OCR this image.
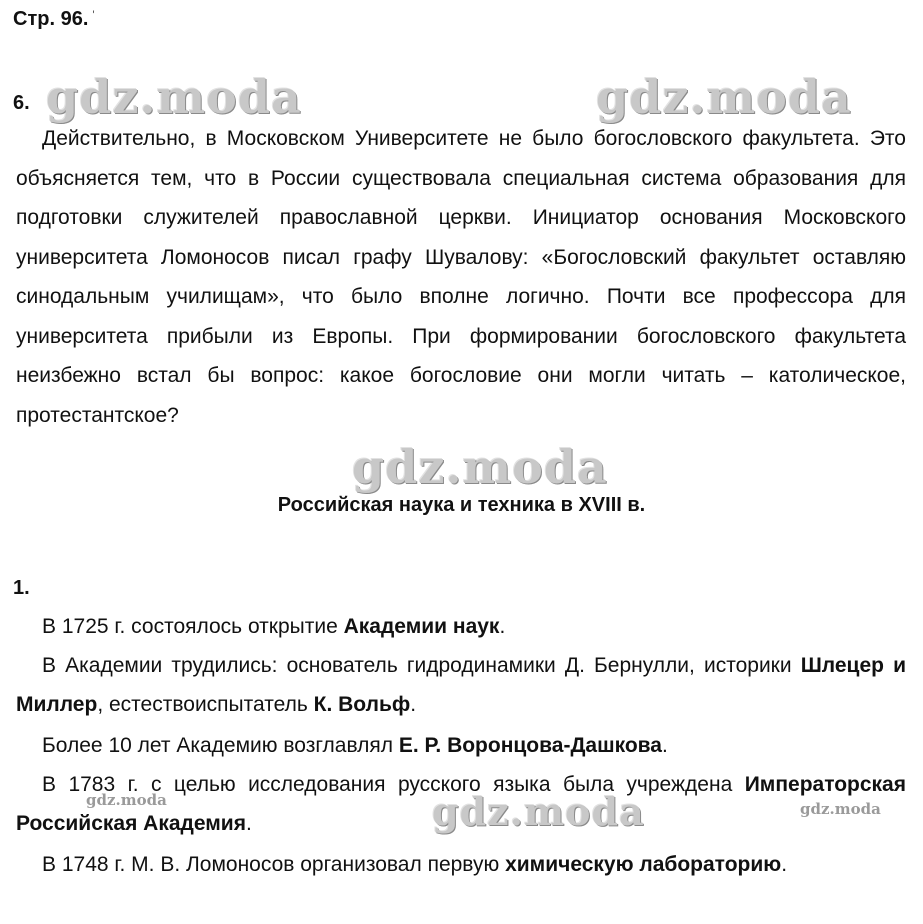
Стр. 96. '
6. gdz.moda	gdz.moda

Действительно, в Московском Университете не было богословского факультета. Это объясняется тем, что в России существовала специальная система образования для подготовки служителей православной церкви. Инициатор основания Московского университета Ломоносов писал графу Шувалову: «Богословский факультет оставляю синодальным училищам», что было вполне логично. Почти все профессора для университета прибыли из Европы. При формировании богословского факультета неизбежно встал бы вопрос: какое богословие они могли читать – католическое, протестантское?

gdz.moda
Российская наука и техника в XVIII в.
1.

В 1725 г. состоялось открытие Академии наук.

В Академии трудились: основатель гидродинамики Д. Бернулли, историки Шлецер и Миллер, естествоиспытатель К. Вольф.

Более 10 лет Академию возглавлял Е. Р. Воронцова-Дашкова.

В 1783 г. с целью исследования русского языка была учреждена Императорская Российская Академия.

gdz.moda	gdz.moda	gdz.moda

В 1748 г. М. В. Ломоносов организовал первую химическую лабораторию.
